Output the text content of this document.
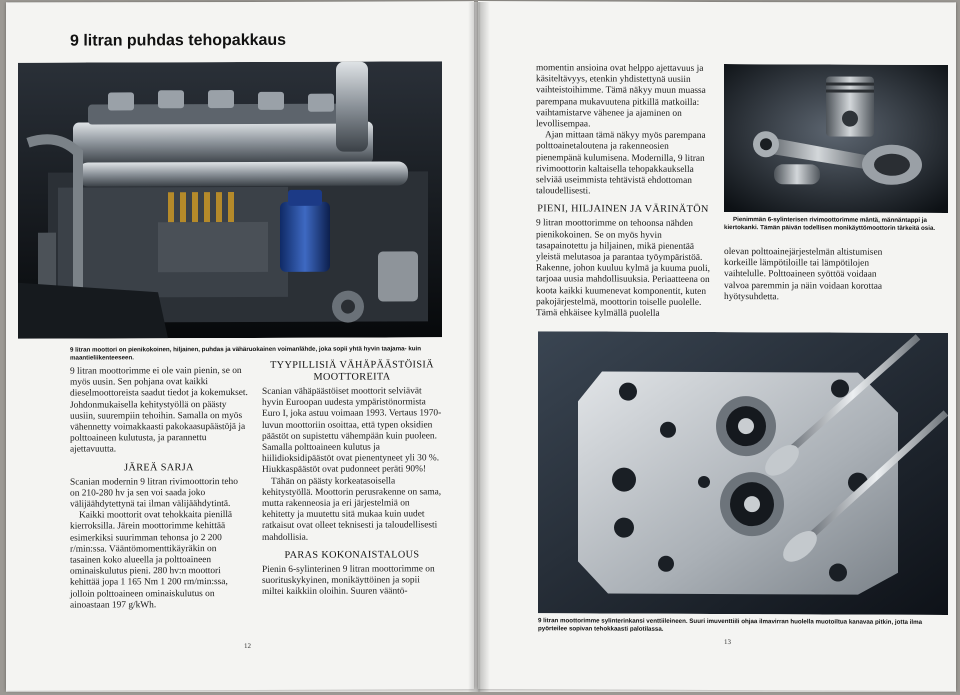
9 litran puhdas tehopakkaus

9 litran moottori on pienikokoinen, hiljainen, puhdas ja vähäruokainen voimanlähde, joka sopii yhtä hyvin taajama- kuin maantieliikenteeseen.

9 litran moottorimme ei ole vain pienin, se on myös uusin. Sen pohjana ovat kaikki dieselmoottoreista saadut tiedot ja kokemukset. Johdonmukaisella kehitystyöllä on päästy uusiin, suurempiin tehoihin. Samalla on myös vähennetty voimakkaasti pakokaasupäästöjä ja polttoaineen kulutusta, ja parannettu ajettavuutta.

JÄREÄ SARJA

Scanian modernin 9 litran rivimoottorin teho on 210-280 hv ja sen voi saada joko välijäähdytettynä tai ilman välijäähdytintä.

Kaikki moottorit ovat tehokkaita pienillä kierroksilla. Järein moottorimme kehittää esimerkiksi suurimman tehonsa jo 2 200 r/min:ssa. Vääntömomenttikäyräkin on tasainen koko alueella ja polttoaineen ominaiskulutus pieni. 280 hv:n moottori kehittää jopa 1 165 Nm 1 200 rm/min:ssa, jolloin polttoaineen ominaiskulutus on ainoastaan 197 g/kWh.

TYYPILLISIÄ VÄHÄPÄÄSTÖISIÄ MOOTTOREITA

Scanian vähäpäästöiset moottorit selviävät hyvin Euroopan uudesta ympäristönormista Euro I, joka astuu voimaan 1993. Vertaus 1970-luvun moottoriin osoittaa, että typen oksidien päästöt on supistettu vähempään kuin puoleen. Samalla polttoaineen kulutus ja hiilidioksidipäästöt ovat pienentyneet yli 30 %. Hiukkaspäästöt ovat pudonneet peräti 90%!

Tähän on päästy korkeatasoisella kehitystyöllä. Moottorin perusrakenne on sama, mutta rakenneosia ja eri järjestelmiä on kehitetty ja muutettu sitä mukaa kuin uudet ratkaisut ovat olleet teknisesti ja taloudellisesti mahdollisia.

PARAS KOKONAISTALOUS

Pienin 6-sylinterinen 9 litran moottorimme on suorituskykyinen, monikäyttöinen ja sopii miltei kaikkiin oloihin. Suuren vääntö-

12

momentin ansioina ovat helppo ajettavuus ja käsiteltävyys, etenkin yhdistettynä uusiin vaihteistoihimme. Tämä näkyy muun muassa parempana mukavuutena pitkillä matkoilla: vaihtamistarve vähenee ja ajaminen on levollisempaa.

Ajan mittaan tämä näkyy myös parempana polttoainetaloutena ja rakenneosien pienempänä kulumisena. Modernilla, 9 litran rivimoottorin kaltaisella tehopakkauksella selviää useimmista tehtävistä ehdottoman taloudellisesti.

PIENI, HILJAINEN JA VÄRINÄTÖN

9 litran moottorimme on tehoonsa nähden pienikokoinen. Se on myös hyvin tasapainotettu ja hiljainen, mikä pienentää yleistä melutasoa ja parantaa työympäristöä. Rakenne, johon kuuluu kylmä ja kuuma puoli, tarjoaa uusia mahdollisuuksia. Periaatteena on koota kaikki kuumenevat komponentit, kuten pakojärjestelmä, moottorin toiselle puolelle. Tämä ehkäisee kylmällä puolella

Pienimmän 6-sylinterisen rivimoottorimme mäntä, männäntappi ja kiertokanki. Tämän päivän todellisen monikäyttömoottorin tärkeitä osia.

olevan polttoainejärjestelmän altistumisen korkeille lämpötiloille tai lämpötilojen vaihtelulle. Polttoaineen syöttöä voidaan valvoa paremmin ja näin voidaan korottaa hyötysuhdetta.

9 litran moottorimme sylinterinkansi venttiileineen. Suuri imuventtiili ohjaa ilmavirran huolella muotoiltua kanavaa pitkin, jotta ilma pyörteilee sopivan tehokkaasti palotilassa.

13
